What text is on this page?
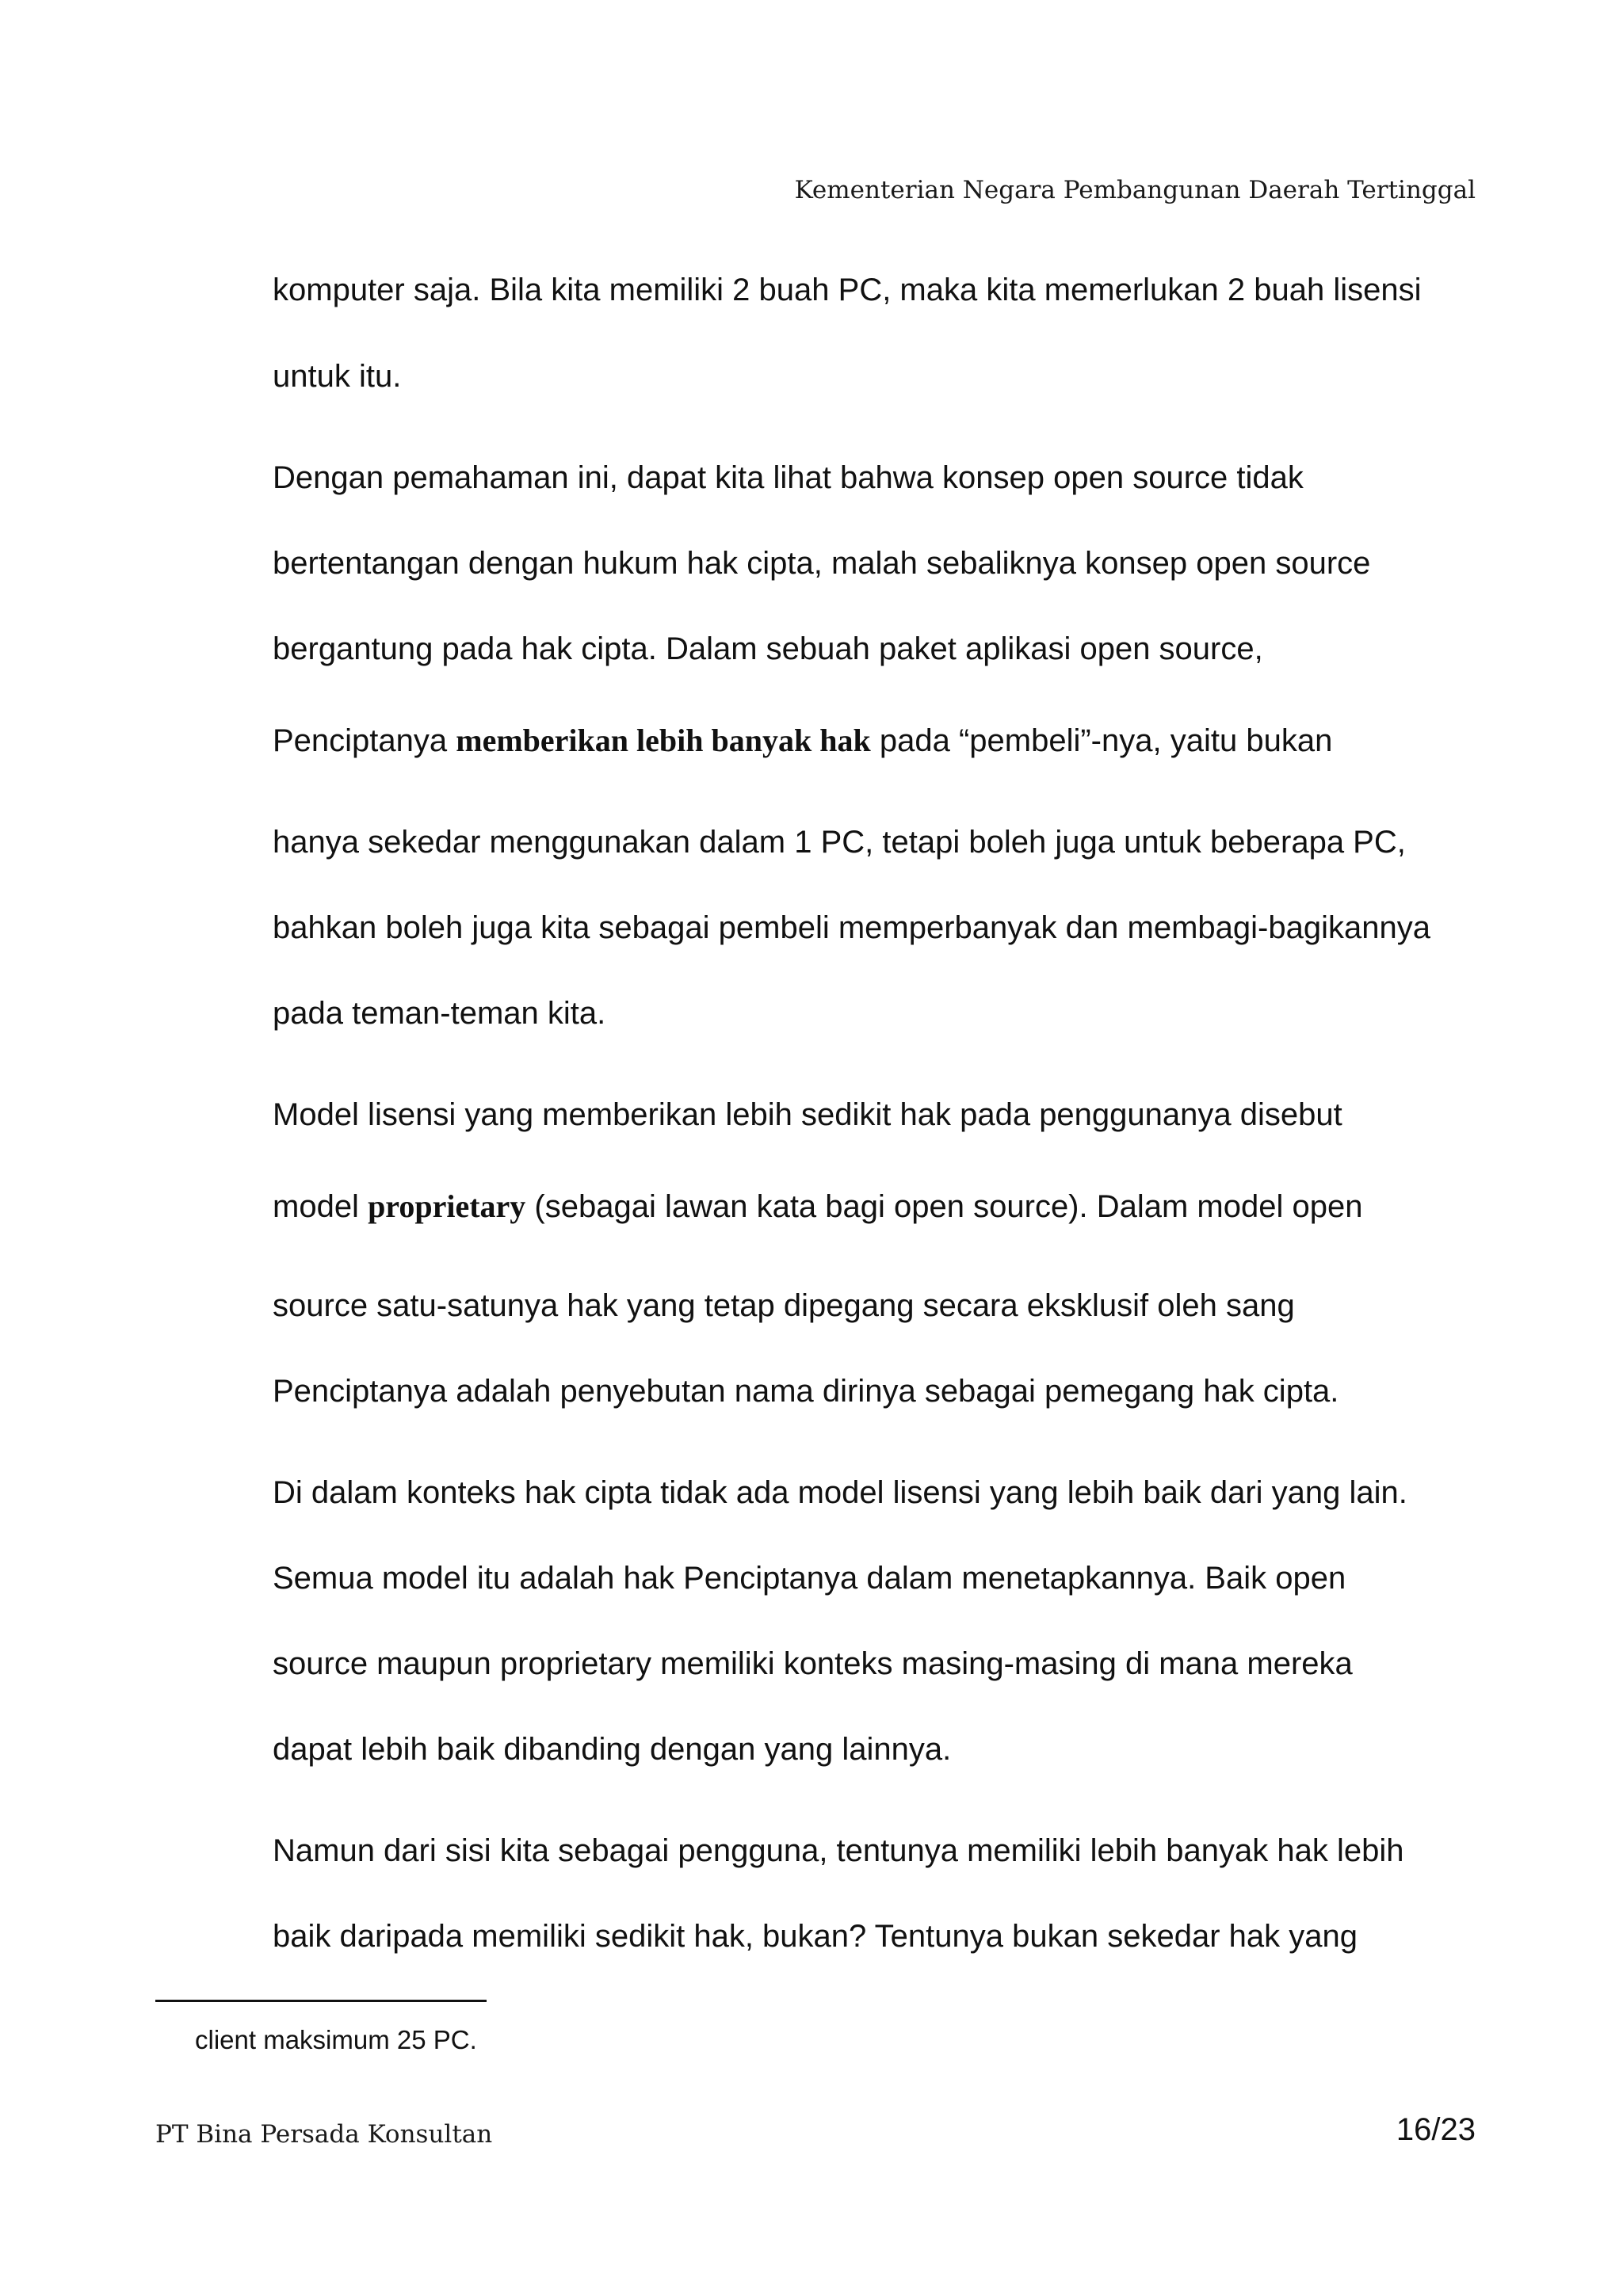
Kementerian Negara Pembangunan Daerah Tertinggal
komputer saja. Bila kita memiliki 2 buah PC, maka kita memerlukan 2 buah lisensi
untuk itu.
Dengan pemahaman ini, dapat kita lihat bahwa konsep open source tidak
bertentangan dengan hukum hak cipta, malah sebaliknya konsep open source
bergantung pada hak cipta. Dalam sebuah paket aplikasi open source,
Penciptanya memberikan lebih banyak hak pada “pembeli”-nya, yaitu bukan
hanya sekedar menggunakan dalam 1 PC, tetapi boleh juga untuk beberapa PC,
bahkan boleh juga kita sebagai pembeli memperbanyak dan membagi-bagikannya
pada teman-teman kita.
Model lisensi yang memberikan lebih sedikit hak pada penggunanya disebut
model proprietary (sebagai lawan kata bagi open source). Dalam model open
source satu-satunya hak yang tetap dipegang secara eksklusif oleh sang
Penciptanya adalah penyebutan nama dirinya sebagai pemegang hak cipta.
Di dalam konteks hak cipta tidak ada model lisensi yang lebih baik dari yang lain.
Semua model itu adalah hak Penciptanya dalam menetapkannya. Baik open
source maupun proprietary memiliki konteks masing-masing di mana mereka
dapat lebih baik dibanding dengan yang lainnya.
Namun dari sisi kita sebagai pengguna, tentunya memiliki lebih banyak hak lebih
baik daripada memiliki sedikit hak, bukan? Tentunya bukan sekedar hak yang
client maksimum 25 PC.
PT Bina Persada Konsultan	16/23
